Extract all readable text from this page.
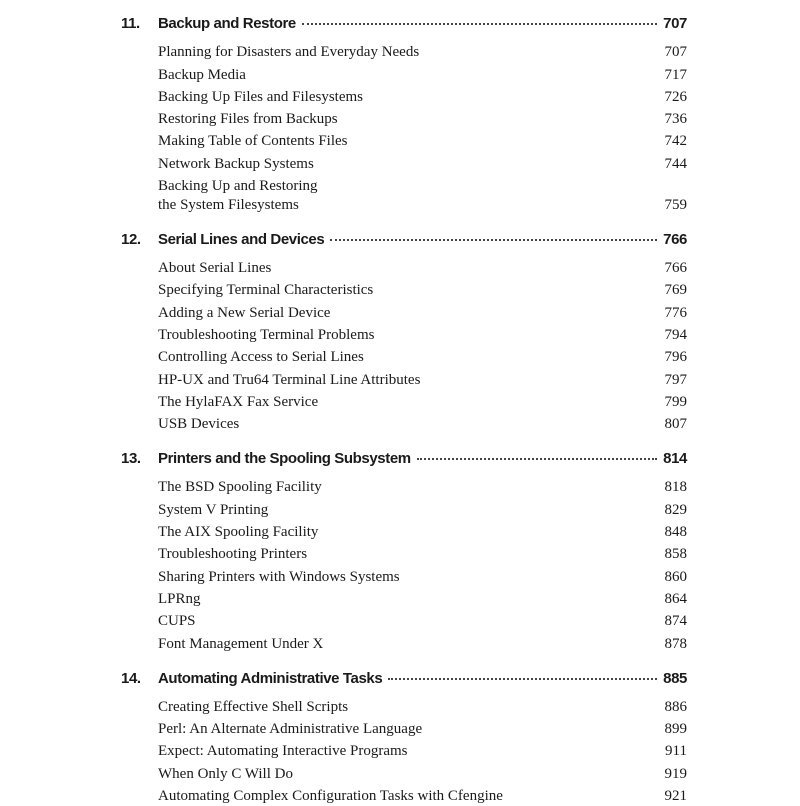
11.	Backup and Restore	707
Planning for Disasters and Everyday Needs	707
Backup Media	717
Backing Up Files and Filesystems	726
Restoring Files from Backups	736
Making Table of Contents Files	742
Network Backup Systems	744
Backing Up and Restoring
the System Filesystems	759
12.	Serial Lines and Devices	766
About Serial Lines	766
Specifying Terminal Characteristics	769
Adding a New Serial Device	776
Troubleshooting Terminal Problems	794
Controlling Access to Serial Lines	796
HP-UX and Tru64 Terminal Line Attributes	797
The HylaFAX Fax Service	799
USB Devices	807
13.	Printers and the Spooling Subsystem	814
The BSD Spooling Facility	818
System V Printing	829
The AIX Spooling Facility	848
Troubleshooting Printers	858
Sharing Printers with Windows Systems	860
LPRng	864
CUPS	874
Font Management Under X	878
14.	Automating Administrative Tasks	885
Creating Effective Shell Scripts	886
Perl: An Alternate Administrative Language	899
Expect: Automating Interactive Programs	911
When Only C Will Do	919
Automating Complex Configuration Tasks with Cfengine	921
